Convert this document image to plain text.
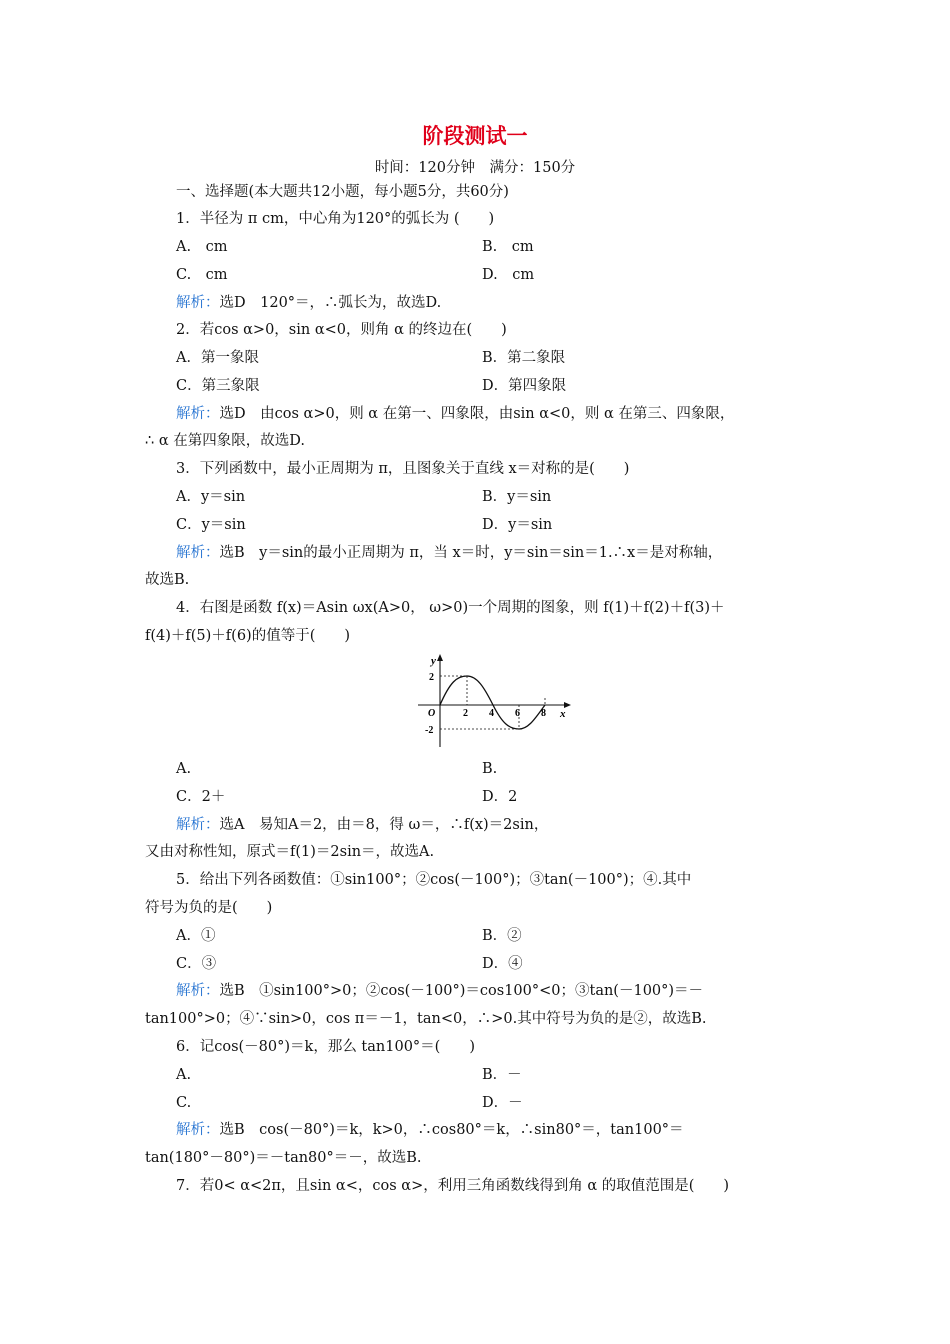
阶段测试一
时间：120分钟　满分：150分
一、选择题(本大题共12小题，每小题5分，共60分)
1．半径为 π cm，中心角为120°的弧长为 (　　)
A.　cm	B.　cm
C.　cm	D.　cm
解析：选D　120°＝，∴弧长为，故选D.
2．若cos α>0，sin α<0，则角 α 的终边在(　　)
A．第一象限	B．第二象限
C．第三象限	D．第四象限
解析：选D　由cos α>0，则 α 在第一、四象限，由sin α<0，则 α 在第三、四象限，
∴ α 在第四象限，故选D.
3．下列函数中，最小正周期为 π，且图象关于直线 x＝对称的是(　　)
A．y＝sin	B．y＝sin
C．y＝sin	D．y＝sin
解析：选B　y＝sin的最小正周期为 π，当 x＝时，y＝sin＝sin＝1.∴x＝是对称轴，
故选B.
4．右图是函数 f(x)＝Asin ωx(A>0， ω>0)一个周期的图象，则 f(1)＋f(2)＋f(3)＋
f(4)＋f(5)＋f(6)的值等于(　　)
y
x
O
2
-2
2 4 6 8
A.	B.
C．2＋	D．2
解析：选A　易知A＝2，由＝8，得 ω＝，∴f(x)＝2sin，
又由对称性知，原式＝f(1)＝2sin＝，故选A.
5．给出下列各函数值：①sin100°；②cos(－100°)；③tan(－100°)；④.其中
符号为负的是(　　)
A．①	B．②
C．③	D．④
解析：选B　①sin100°>0；②cos(－100°)＝cos100°<0；③tan(－100°)＝－
tan100°>0；④∵sin>0，cos π＝－1，tan<0，∴>0.其中符号为负的是②，故选B.
6．记cos(－80°)＝k，那么 tan100°＝(　　)
A.	B．－
C.	D．－
解析：选B　cos(－80°)＝k，k>0，∴cos80°＝k，∴sin80°＝，tan100°＝
tan(180°－80°)＝－tan80°＝－，故选B.
7．若0< α<2π，且sin α<，cos α>，利用三角函数线得到角 α 的取值范围是(　　)
